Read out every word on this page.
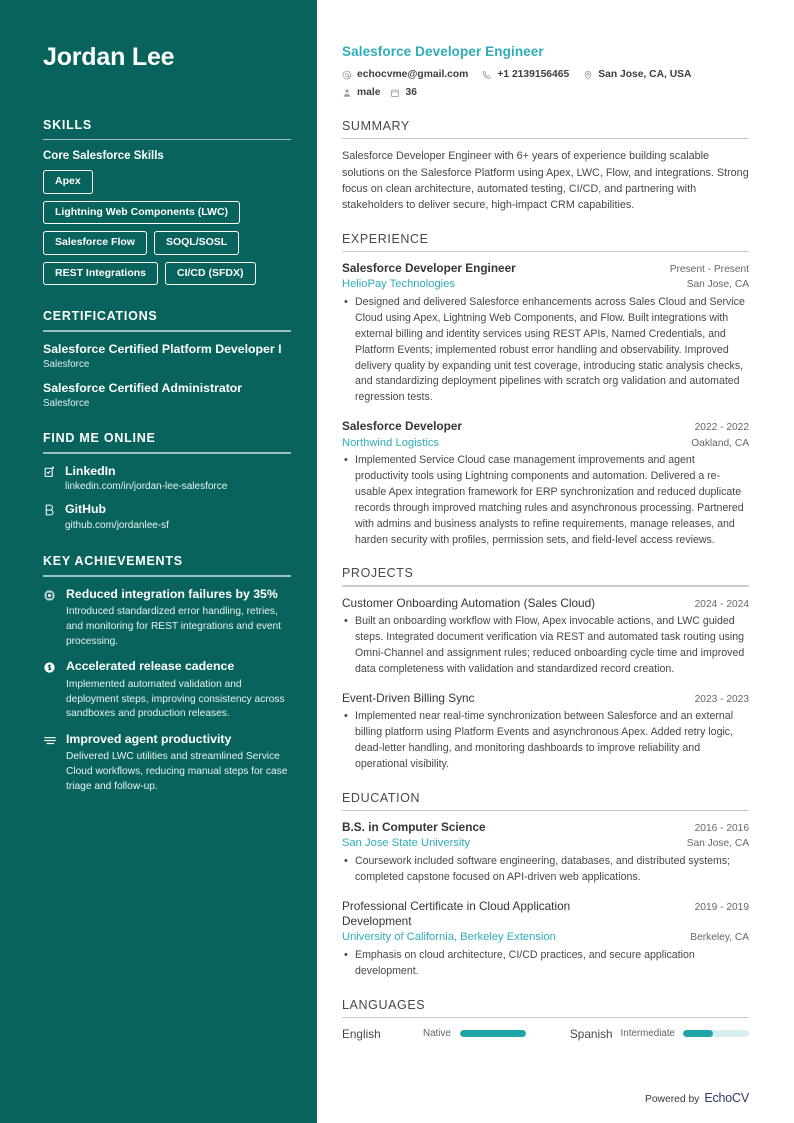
Jordan Lee
SKILLS
Core Salesforce Skills
Apex
Lightning Web Components (LWC)
Salesforce Flow	SOQL/SOSL
REST Integrations	CI/CD (SFDX)
CERTIFICATIONS
Salesforce Certified Platform Developer I
Salesforce
Salesforce Certified Administrator
Salesforce
FIND ME ONLINE
LinkedIn
linkedin.com/in/jordan-lee-salesforce
GitHub
github.com/jordanlee-sf
KEY ACHIEVEMENTS
Reduced integration failures by 35%
Introduced standardized error handling, retries, and monitoring for REST integrations and event processing.
Accelerated release cadence
Implemented automated validation and deployment steps, improving consistency across sandboxes and production releases.
Improved agent productivity
Delivered LWC utilities and streamlined Service Cloud workflows, reducing manual steps for case triage and follow-up.
Salesforce Developer Engineer
echocvme@gmail.com	+1 2139156465	San Jose, CA, USA
male 36
SUMMARY

Salesforce Developer Engineer with 6+ years of experience building scalable solutions on the Salesforce Platform using Apex, LWC, Flow, and integrations. Strong focus on clean architecture, automated testing, CI/CD, and partnering with stakeholders to deliver secure, high-impact CRM capabilities.

EXPERIENCE
Salesforce Developer Engineer	Present - Present
HelioPay Technologies	San Jose, CA
• Designed and delivered Salesforce enhancements across Sales Cloud and Service Cloud using Apex, Lightning Web Components, and Flow. Built integrations with external billing and identity services using REST APIs, Named Credentials, and Platform Events; implemented robust error handling and observability. Improved delivery quality by expanding unit test coverage, introducing static analysis checks, and standardizing deployment pipelines with scratch org validation and automated regression tests.
Salesforce Developer	2022 - 2022
Northwind Logistics	Oakland, CA
• Implemented Service Cloud case management improvements and agent productivity tools using Lightning components and automation. Delivered a re-usable Apex integration framework for ERP synchronization and reduced duplicate records through improved matching rules and asynchronous processing. Partnered with admins and business analysts to refine requirements, manage releases, and harden security with profiles, permission sets, and field-level access reviews.
PROJECTS
Customer Onboarding Automation (Sales Cloud)	2024 - 2024
• Built an onboarding workflow with Flow, Apex invocable actions, and LWC guided steps. Integrated document verification via REST and automated task routing using Omni-Channel and assignment rules; reduced onboarding cycle time and improved data completeness with validation and standardized record creation.
Event-Driven Billing Sync	2023 - 2023
• Implemented near real-time synchronization between Salesforce and an external billing platform using Platform Events and asynchronous Apex. Added retry logic, dead-letter handling, and monitoring dashboards to improve reliability and operational visibility.
EDUCATION
B.S. in Computer Science	2016 - 2016
San Jose State University	San Jose, CA
• Coursework included software engineering, databases, and distributed systems; completed capstone focused on API-driven web applications.
Professional Certificate in Cloud Application Development
2019 - 2019
University of California, Berkeley Extension	Berkeley, CA
• Emphasis on cloud architecture, CI/CD practices, and secure application development.
LANGUAGES
English	Native	Spanish Intermediate
Powered by EchoCV
